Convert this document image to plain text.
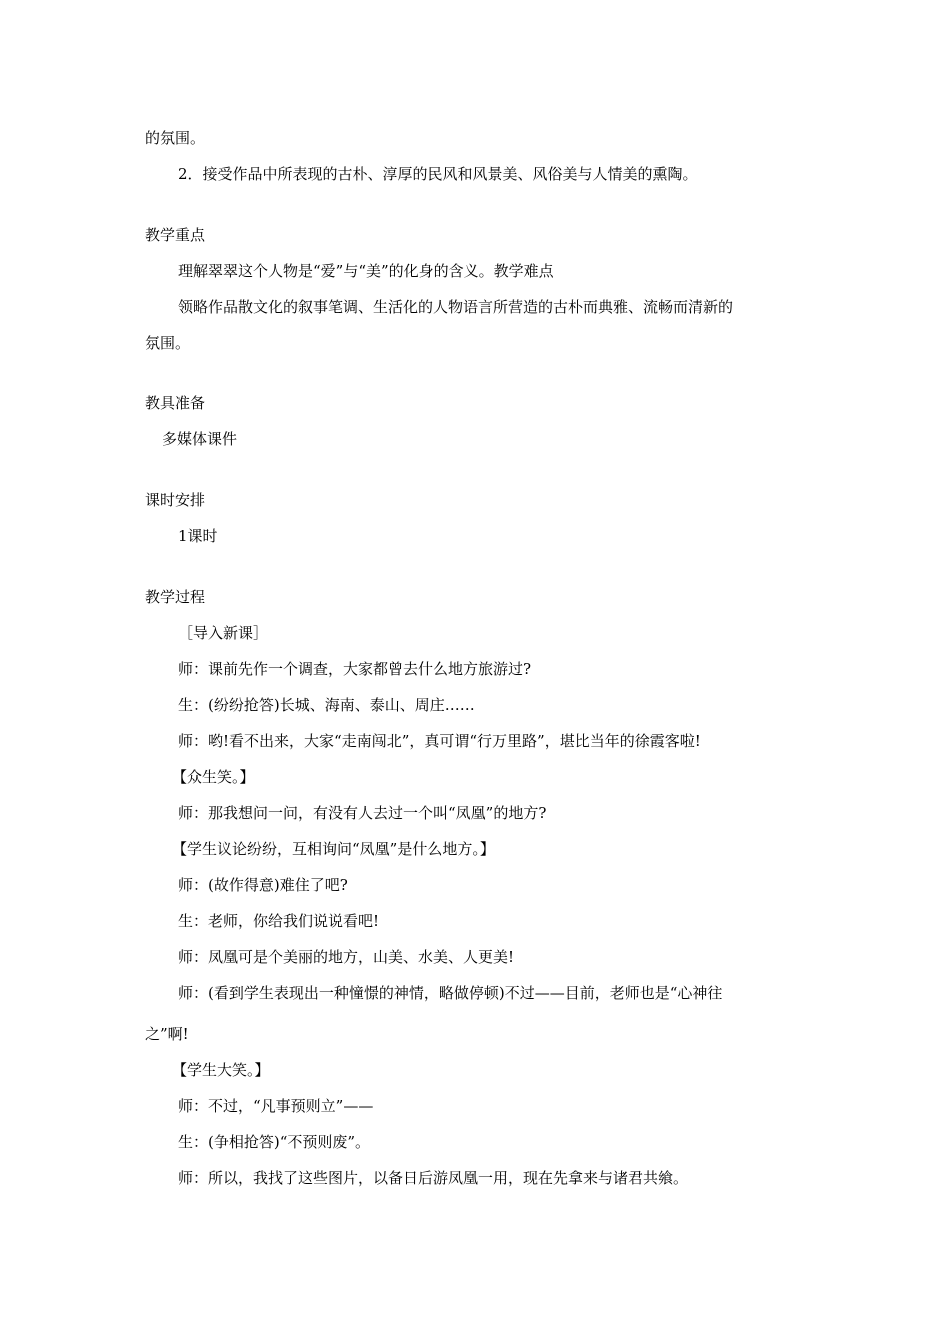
的氛围。
2．接受作品中所表现的古朴、淳厚的民风和风景美、风俗美与人情美的熏陶。
教学重点
理解翠翠这个人物是“爱”与“美”的化身的含义。教学难点
领略作品散文化的叙事笔调、生活化的人物语言所营造的古朴而典雅、流畅而清新的
氛围。
教具准备
多媒体课件
课时安排
1课时
教学过程
［导入新课］
师：课前先作一个调查，大家都曾去什么地方旅游过?
生：(纷纷抢答)长城、海南、泰山、周庄……
师：哟!看不出来，大家“走南闯北”，真可谓“行万里路”，堪比当年的徐霞客啦!
【众生笑。】
师：那我想问一问，有没有人去过一个叫“凤凰”的地方?
【学生议论纷纷，互相询问“凤凰”是什么地方。】
师：(故作得意)难住了吧?
生：老师，你给我们说说看吧!
师：凤凰可是个美丽的地方，山美、水美、人更美!
师：(看到学生表现出一种憧憬的神情，略做停顿)不过——目前，老师也是“心神往
之”啊!
【学生大笑。】
师：不过，“凡事预则立”——
生：(争相抢答)“不预则废”。
师：所以，我找了这些图片，以备日后游凤凰一用，现在先拿来与诸君共飨。
